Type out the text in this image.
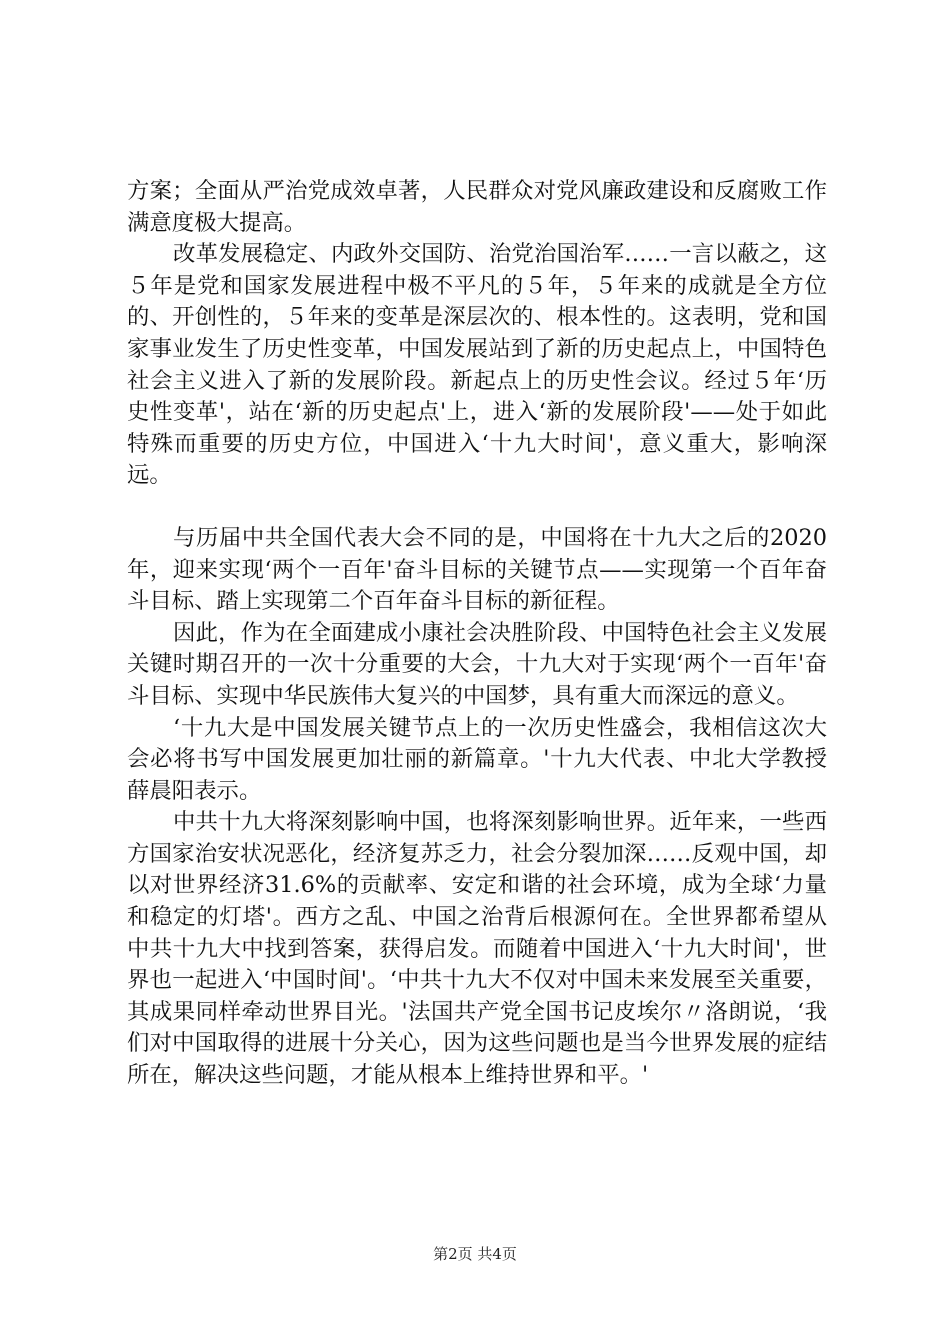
方案；全面从严治党成效卓著，人民群众对党风廉政建设和反腐败工作满意度极大提高。

改革发展稳定、内政外交国防、治党治国治军……一言以蔽之，这５年是党和国家发展进程中极不平凡的５年，５年来的成就是全方位的、开创性的，５年来的变革是深层次的、根本性的。这表明，党和国家事业发生了历史性变革，中国发展站到了新的历史起点上，中国特色社会主义进入了新的发展阶段。新起点上的历史性会议。经过５年‘历史性变革'，站在‘新的历史起点'上，进入‘新的发展阶段'——处于如此特殊而重要的历史方位，中国进入‘十九大时间'，意义重大，影响深远。

与历届中共全国代表大会不同的是，中国将在十九大之后的2020年，迎来实现‘两个一百年'奋斗目标的关键节点——实现第一个百年奋斗目标、踏上实现第二个百年奋斗目标的新征程。

因此，作为在全面建成小康社会决胜阶段、中国特色社会主义发展关键时期召开的一次十分重要的大会，十九大对于实现‘两个一百年'奋斗目标、实现中华民族伟大复兴的中国梦，具有重大而深远的意义。

‘十九大是中国发展关键节点上的一次历史性盛会，我相信这次大会必将书写中国发展更加壮丽的新篇章。'十九大代表、中北大学教授薛晨阳表示。

中共十九大将深刻影响中国，也将深刻影响世界。近年来，一些西方国家治安状况恶化，经济复苏乏力，社会分裂加深……反观中国，却以对世界经济31.6%的贡献率、安定和谐的社会环境，成为全球‘力量和稳定的灯塔'。西方之乱、中国之治背后根源何在。全世界都希望从中共十九大中找到答案，获得启发。而随着中国进入‘十九大时间'，世界也一起进入‘中国时间'。‘中共十九大不仅对中国未来发展至关重要，其成果同样牵动世界目光。'法国共产党全国书记皮埃尔〃洛朗说，‘我们对中国取得的进展十分关心，因为这些问题也是当今世界发展的症结所在，解决这些问题，才能从根本上维持世界和平。'

第2页 共4页
